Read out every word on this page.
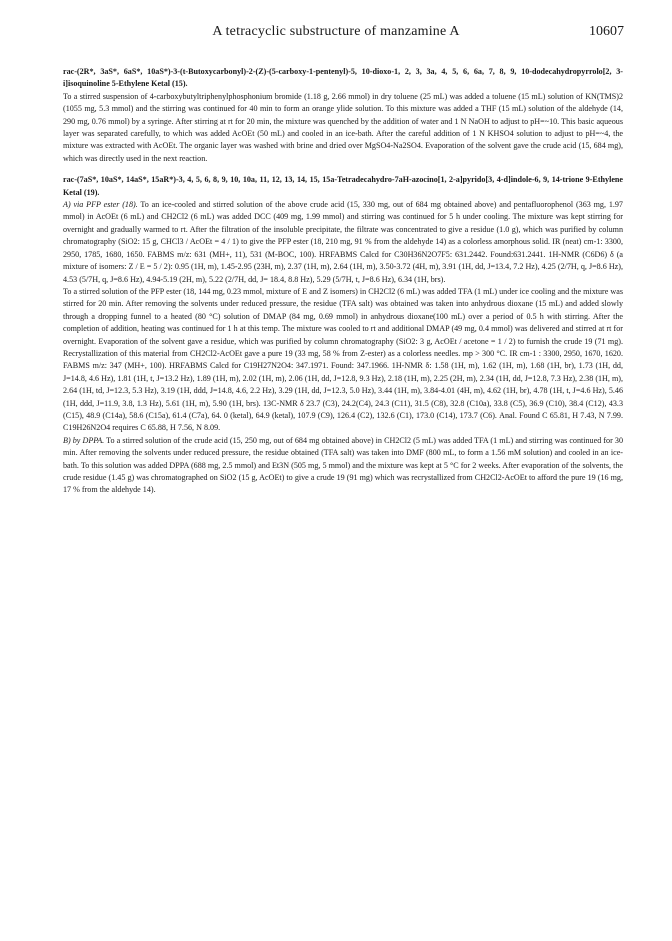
A tetracyclic substructure of manzamine A	10607

rac-(2R*, 3aS*, 6aS*, 10aS*)-3-(t-Butoxycarbonyl)-2-(Z)-(5-carboxy-1-pentenyl)-5, 10-dioxo-1, 2, 3, 3a, 4, 5, 6, 6a, 7, 8, 9, 10-dodecahydropyrrolo[2, 3-i]isoquinoline 5-Ethylene Ketal (15).

To a stirred suspension of 4-carboxybutyltriphenylphosphonium bromide (1.18 g, 2.66 mmol) in dry toluene (25 mL) was added a toluene (15 mL) solution of KN(TMS)2 (1055 mg, 5.3 mmol) and the stirring was continued for 40 min to form an orange ylide solution. To this mixture was added a THF (15 mL) solution of the aldehyde (14, 290 mg, 0.76 mmol) by a syringe. After stirring at rt for 20 min, the mixture was quenched by the addition of water and 1 N NaOH to adjust to pH=~10. This basic aqueous layer was separated carefully, to which was added AcOEt (50 mL) and cooled in an ice-bath. After the careful addition of 1 N KHSO4 solution to adjust to pH=~4, the mixture was extracted with AcOEt. The organic layer was washed with brine and dried over MgSO4-Na2SO4. Evaporation of the solvent gave the crude acid (15, 684 mg), which was directly used in the next reaction.

rac-(7aS*, 10aS*, 14aS*, 15aR*)-3, 4, 5, 6, 8, 9, 10, 10a, 11, 12, 13, 14, 15, 15a-Tetradecahydro-7aH-azocino[1, 2-a]pyrido[3, 4-d]indole-6, 9, 14-trione 9-Ethylene Ketal (19).

A) via PFP ester (18). To an ice-cooled and stirred solution of the above crude acid (15, 330 mg, out of 684 mg obtained above) and pentafluorophenol (363 mg, 1.97 mmol) in AcOEt (6 mL) and CH2Cl2 (6 mL) was added DCC (409 mg, 1.99 mmol) and stirring was continued for 5 h under cooling. The mixture was kept stirring for overnight and gradually warmed to rt. After the filtration of the insoluble precipitate, the filtrate was concentrated to give a residue (1.0 g), which was purified by column chromatography (SiO2: 15 g, CHCl3 / AcOEt = 4 / 1) to give the PFP ester (18, 210 mg, 91 % from the aldehyde 14) as a colorless amorphous solid. IR (neat) cm-1: 3300, 2950, 1785, 1680, 1650. FABMS m/z: 631 (MH+, 11), 531 (M-BOC, 100). HRFABMS Calcd for C30H36N2O7F5: 631.2442. Found:631.2441. 1H-NMR (C6D6) δ (a mixture of isomers: Z / E = 5 / 2): 0.95 (1H, m), 1.45-2.95 (23H, m), 2.37 (1H, m), 2.64 (1H, m), 3.50-3.72 (4H, m), 3.91 (1H, dd, J=13.4, 7.2 Hz), 4.25 (2/7H, q, J=8.6 Hz), 4.53 (5/7H, q, J=8.6 Hz), 4.94-5.19 (2H, m), 5.22 (2/7H, dd, J= 18.4, 8.8 Hz), 5.29 (5/7H, t, J=8.6 Hz), 6.34 (1H, brs).

To a stirred solution of the PFP ester (18, 144 mg, 0.23 mmol, mixture of E and Z isomers) in CH2Cl2 (6 mL) was added TFA (1 mL) under ice cooling and the mixture was stirred for 20 min. After removing the solvents under reduced pressure, the residue (TFA salt) was obtained was taken into anhydrous dioxane (15 mL) and added slowly through a dropping funnel to a heated (80 °C) solution of DMAP (84 mg, 0.69 mmol) in anhydrous dioxane(100 mL) over a period of 0.5 h with stirring. After the completion of addition, heating was continued for 1 h at this temp. The mixture was cooled to rt and additional DMAP (49 mg, 0.4 mmol) was delivered and stirred at rt for overnight. Evaporation of the solvent gave a residue, which was purified by column chromatography (SiO2: 3 g, AcOEt / acetone = 1 / 2) to furnish the crude 19 (71 mg). Recrystallization of this material from CH2Cl2-AcOEt gave a pure 19 (33 mg, 58 % from Z-ester) as a colorless needles. mp > 300 °C. IR cm-1 : 3300, 2950, 1670, 1620. FABMS m/z: 347 (MH+, 100). HRFABMS Calcd for C19H27N2O4: 347.1971. Found: 347.1966. 1H-NMR δ: 1.58 (1H, m), 1.62 (1H, m), 1.68 (1H, br), 1.73 (1H, dd, J=14.8, 4.6 Hz), 1.81 (1H, t, J=13.2 Hz), 1.89 (1H, m), 2.02 (1H, m), 2.06 (1H, dd, J=12.8, 9.3 Hz), 2.18 (1H, m), 2.25 (2H, m), 2.34 (1H, dd, J=12.8, 7.3 Hz), 2.38 (1H, m), 2.64 (1H, td, J=12.3, 5.3 Hz), 3.19 (1H, ddd, J=14.8, 4.6, 2.2 Hz), 3.29 (1H, dd, J=12.3, 5.0 Hz), 3.44 (1H, m), 3.84-4.01 (4H, m), 4.62 (1H, br), 4.78 (1H, t, J=4.6 Hz), 5.46 (1H, ddd, J=11.9, 3.8, 1.3 Hz), 5.61 (1H, m), 5.90 (1H, brs). 13C-NMR δ 23.7 (C3), 24.2(C4), 24.3 (C11), 31.5 (C8), 32.8 (C10a), 33.8 (C5), 36.9 (C10), 38.4 (C12), 43.3 (C15), 48.9 (C14a), 58.6 (C15a), 61.4 (C7a), 64. 0 (ketal), 64.9 (ketal), 107.9 (C9), 126.4 (C2), 132.6 (C1), 173.0 (C14), 173.7 (C6). Anal. Found C 65.81, H 7.43, N 7.99. C19H26N2O4 requires C 65.88, H 7.56, N 8.09.

B) by DPPA. To a stirred solution of the crude acid (15, 250 mg, out of 684 mg obtained above) in CH2Cl2 (5 mL) was added TFA (1 mL) and stirring was continued for 30 min. After removing the solvents under reduced pressure, the residue obtained (TFA salt) was taken into DMF (800 mL, to form a 1.56 mM solution) and cooled in an ice-bath. To this solution was added DPPA (688 mg, 2.5 mmol) and Et3N (505 mg, 5 mmol) and the mixture was kept at 5 °C for 2 weeks. After evaporation of the solvents, the crude residue (1.45 g) was chromatographed on SiO2 (15 g, AcOEt) to give a crude 19 (91 mg) which was recrystallized from CH2Cl2-AcOEt to afford the pure 19 (16 mg, 17 % from the aldehyde 14).
